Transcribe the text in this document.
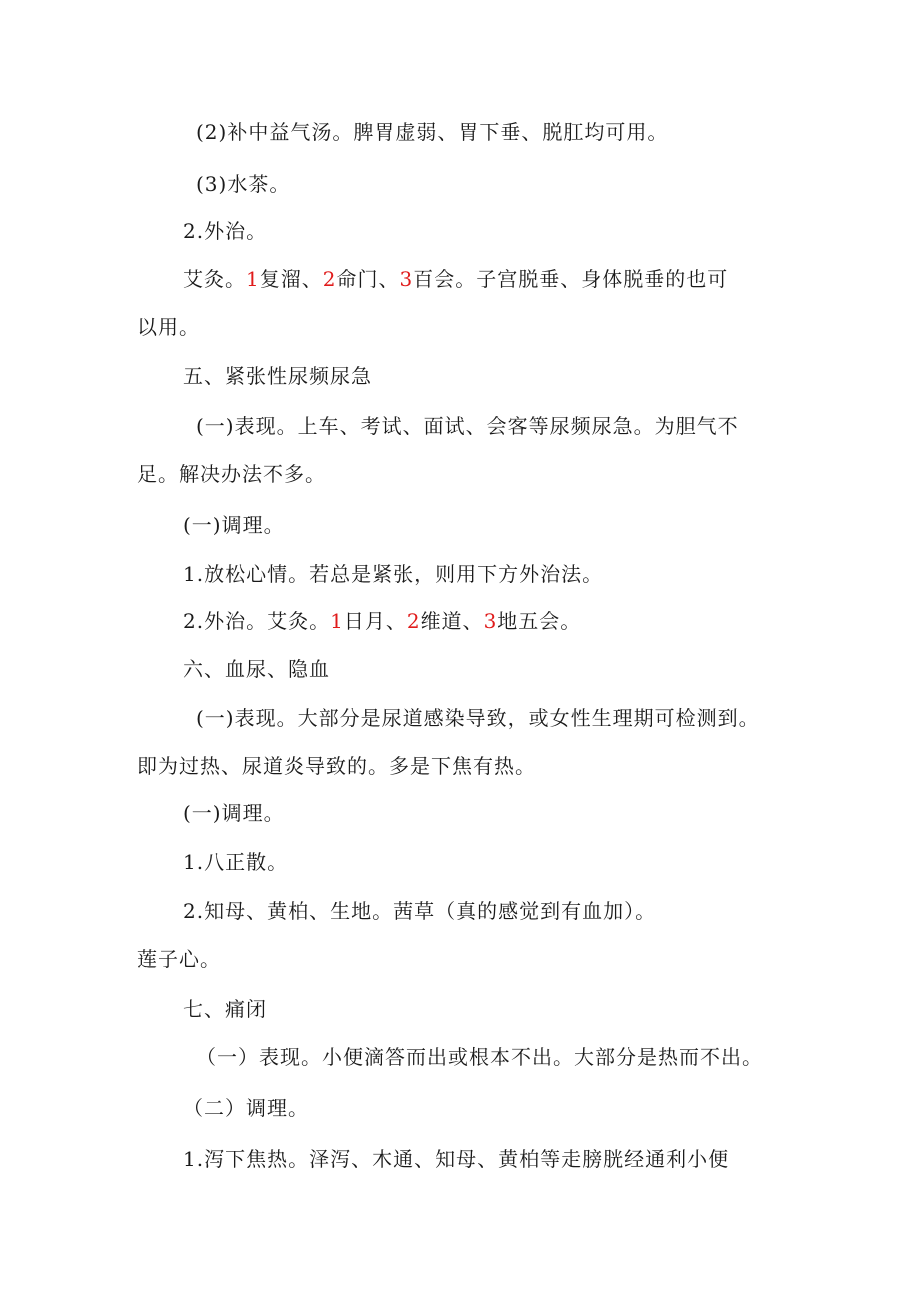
(2)补中益气汤。脾胃虚弱、胃下垂、脱肛均可用。
(3)水茶。
2.外治。
艾灸。1复溜、2命门、3百会。子宫脱垂、身体脱垂的也可
以用。
五、紧张性尿频尿急
(一)表现。上车、考试、面试、会客等尿频尿急。为胆气不
足。解决办法不多。
(一)调理。
1.放松心情。若总是紧张，则用下方外治法。
2.外治。艾灸。1日月、2维道、3地五会。
六、血尿、隐血
(一)表现。大部分是尿道感染导致，或女性生理期可检测到。
即为过热、尿道炎导致的。多是下焦有热。
(一)调理。
1.八正散。
2.知母、黄柏、生地。茜草（真的感觉到有血加）。
莲子心。
七、痛闭
（一）表现。小便滴答而出或根本不出。大部分是热而不出。
（二）调理。
1.泻下焦热。泽泻、木通、知母、黄柏等走膀胱经通利小便
